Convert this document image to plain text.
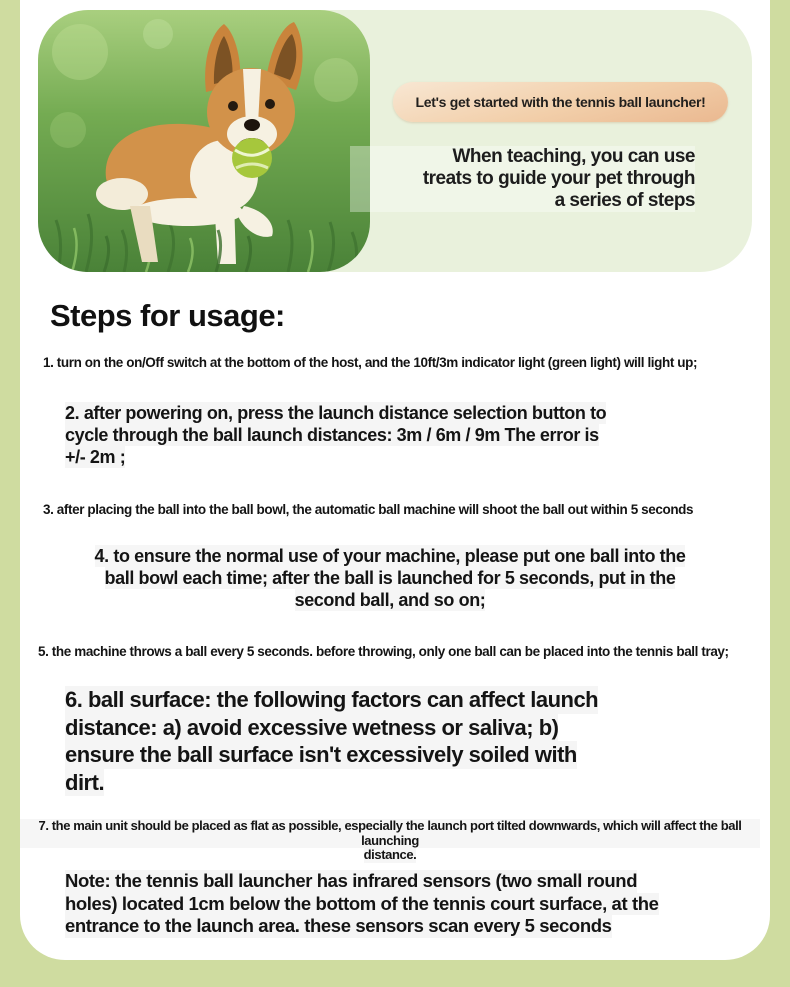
Let's get started with the tennis ball launcher!
When teaching, you can use
treats to guide your pet through
a series of steps
Steps for usage:
1. turn on the on/Off switch at the bottom of the host, and the 10ft/3m indicator light (green light) will light up;
2. after powering on, press the launch distance selection button to
cycle through the ball launch distances: 3m / 6m / 9m The error is
+/- 2m ;
3. after placing the ball into the ball bowl, the automatic ball machine will shoot the ball out within 5 seconds
4. to ensure the normal use of your machine, please put one ball into the
ball bowl each time; after the ball is launched for 5 seconds, put in the
second ball, and so on;
5. the machine throws a ball every 5 seconds. before throwing, only one ball can be placed into the tennis ball tray;
6. ball surface: the following factors can affect launch
distance: a) avoid excessive wetness or saliva; b)
ensure the ball surface isn't excessively soiled with
dirt.
7. the main unit should be placed as flat as possible, especially the launch port tilted downwards, which will affect the ball launching
distance.
Note: the tennis ball launcher has infrared sensors (two small round
holes) located 1cm below the bottom of the tennis court surface, at the
entrance to the launch area. these sensors scan every 5 seconds
